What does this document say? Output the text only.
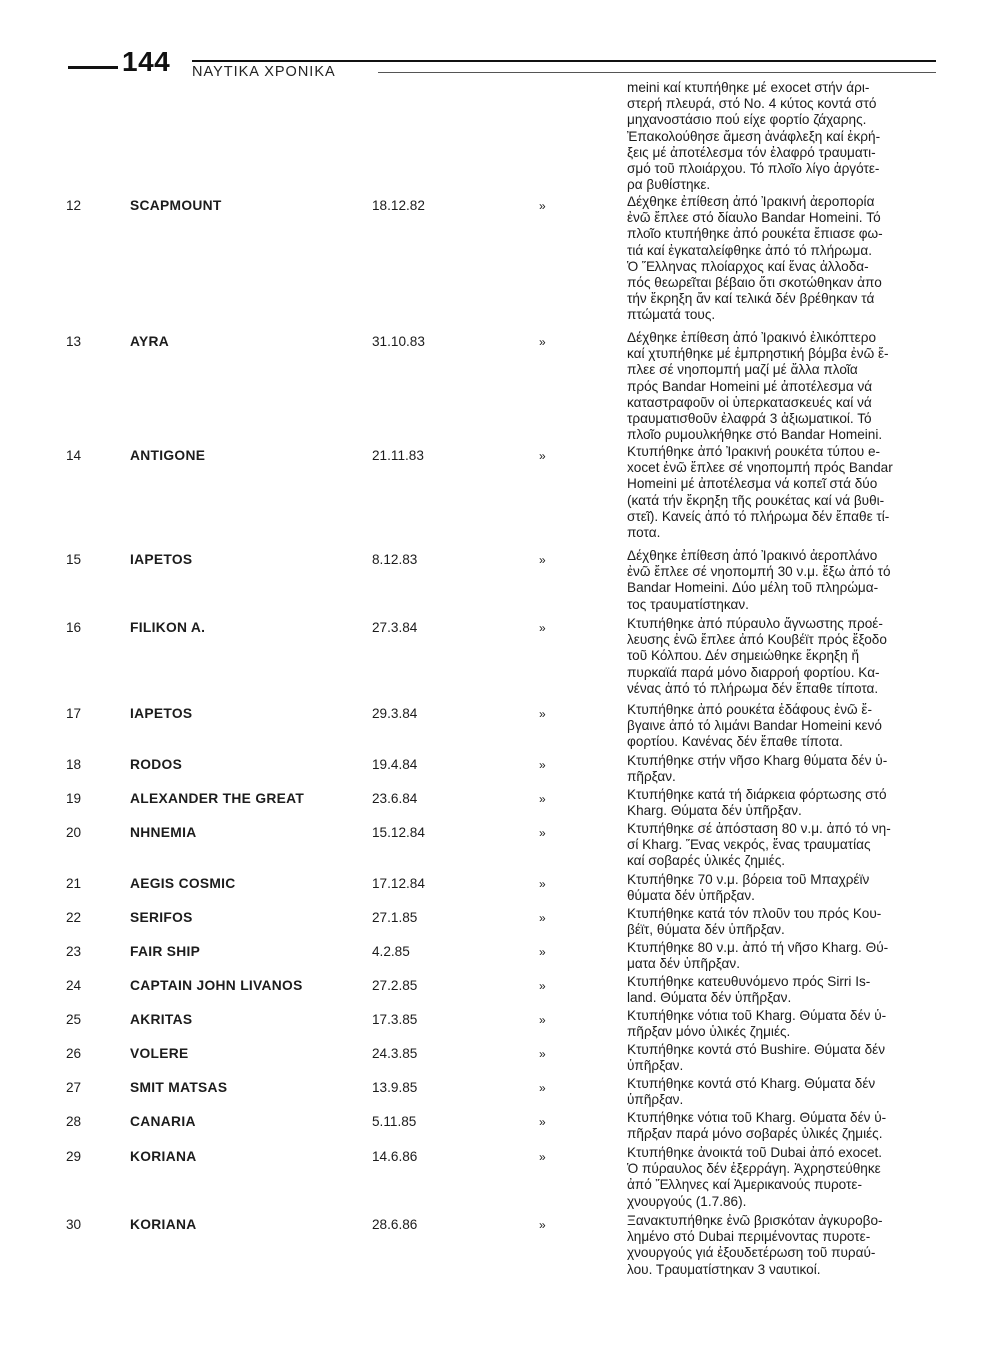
144 ΝΑΥΤΙΚΑ ΧΡΟΝΙΚΑ
meini καί κτυπήθηκε μέ exocet στήν άρι-
στερή πλευρά, στό Νο. 4 κύτος κοντά στό
μηχανοστάσιο πού είχε φορτίο ζάχαρης.
Ἐπακολούθησε ἄμεση ἀνάφλεξη καί ἐκρή-
ξεις μέ ἀποτέλεσμα τόν ἐλαφρό τραυματι-
σμό τοῦ πλοιάρχου. Τό πλοῖο λίγο ἀργότε-
ρα βυθίστηκε.
12	SCAPMOUNT	18.12.82	»	Δέχθηκε ἐπίθεση ἀπό Ἰρακινή ἀεροπορία
ἐνῶ ἔπλεε στό δίαυλο Bandar Homeini. Τό
πλοῖο κτυπήθηκε ἀπό ρουκέτα ἔπιασε φω-
τιά καί ἐγκαταλείφθηκε ἀπό τό πλήρωμα.
Ὁ Ἕλληνας πλοίαρχος καί ἕνας ἀλλοδα-
πός θεωρεῖται βέβαιο ὅτι σκοτώθηκαν ἀπο
τήν ἔκρηξη ἄν καί τελικά δέν βρέθηκαν τά
πτώματά τους.
13	AYRA	31.10.83	»	Δέχθηκε ἐπίθεση ἀπό Ἰρακινό ἐλικόπτερο
καί χτυπήθηκε μέ ἐμπρηστική βόμβα ἐνῶ ἔ-
πλεε σέ νηοπομπή μαζί μέ ἄλλα πλοῖα
πρός Bandar Homeini μέ ἀποτέλεσμα νά
καταστραφοῦν οἱ ὑπερκατασκευές καί νά
τραυματισθοῦν ἐλαφρά 3 ἀξιωματικοί. Τό
πλοῖο ρυμουλκήθηκε στό Bandar Homeini.
14	ANTIGONE	21.11.83	»	Κτυπήθηκε ἀπό Ἰρακινή ρουκέτα τύπου e-
xocet ἐνῶ ἔπλεε σέ νηοπομπή πρός Bandar
Homeini μέ ἀποτέλεσμα νά κοπεῖ στά δύο
(κατά τήν ἔκρηξη τῆς ρουκέτας καί νά βυθι-
στεῖ). Κανείς ἀπό τό πλήρωμα δέν ἔπαθε τί-
ποτα.
15	IAPETOS	8.12.83	»	Δέχθηκε ἐπίθεση ἀπό Ἰρακινό ἀεροπλάνο
ἐνῶ ἔπλεε σέ νηοπομπή 30 ν.μ. ἔξω ἀπό τό
Bandar Homeini. Δύο μέλη τοῦ πληρώμα-
τος τραυματίστηκαν.
16	FILIKON A.	27.3.84	»	Κτυπήθηκε ἀπό πύραυλο ἄγνωστης προέ-
λευσης ἐνῶ ἔπλεε ἀπό Κουβέϊτ πρός ἔξοδο
τοῦ Κόλπου. Δέν σημειώθηκε ἔκρηξη ἤ
πυρκαϊά παρά μόνο διαρροή φορτίου. Κα-
νένας ἀπό τό πλήρωμα δέν ἔπαθε τίποτα.
17	IAPETOS	29.3.84	»	Κτυπήθηκε ἀπό ρουκέτα ἐδάφους ἐνῶ ἔ-
βγαινε ἀπό τό λιμάνι Bandar Homeini κενό
φορτίου. Κανένας δέν ἔπαθε τίποτα.
18	RODOS	19.4.84	»	Κτυπήθηκε στήν νῆσο Kharg θύματα δέν ὑ-
πῆρξαν.
19	ALEXANDER THE GREAT	23.6.84	»	Κτυπήθηκε κατά τή διάρκεια φόρτωσης στό
Kharg. Θύματα δέν ὑπῆρξαν.
20	NHNEMIA	15.12.84	»	Κτυπήθηκε σέ ἀπόσταση 80 ν.μ. ἀπό τό νη-
σί Kharg. Ἕνας νεκρός, ἕνας τραυματίας
καί σοβαρές ὑλικές ζημιές.
21	AEGIS COSMIC	17.12.84	»	Κτυπήθηκε 70 ν.μ. βόρεια τοῦ Μπαχρέϊν
θύματα δέν ὑπῆρξαν.
22	SERIFOS	27.1.85	»	Κτυπήθηκε κατά τόν πλοῦν του πρός Κου-
βέϊτ, θύματα δέν ὑπῆρξαν.
23	FAIR SHIP	4.2.85	»	Κτυπήθηκε 80 ν.μ. ἀπό τή νῆσο Kharg. Θύ-
ματα δέν ὑπῆρξαν.
24	CAPTAIN JOHN LIVANOS	27.2.85	»	Κτυπήθηκε κατευθυνόμενο πρός Sirri Is-
land. Θύματα δέν ὑπῆρξαν.
25	AKRITAS	17.3.85	»	Κτυπήθηκε νότια τοῦ Kharg. Θύματα δέν ὑ-
πῆρξαν μόνο ὑλικές ζημιές.
26	VOLERE	24.3.85	»	Κτυπήθηκε κοντά στό Bushire. Θύματα δέν
ὑπῆρξαν.
27	SMIT MATSAS	13.9.85	»	Κτυπήθηκε κοντά στό Kharg. Θύματα δέν
ὑπῆρξαν.
28	CANARIA	5.11.85	»	Κτυπήθηκε νότια τοῦ Kharg. Θύματα δέν ὑ-
πῆρξαν παρά μόνο σοβαρές ὑλικές ζημιές.
29	KORIANA	14.6.86	»	Κτυπήθηκε ἀνοικτά τοῦ Dubai ἀπό exocet.
Ὁ πύραυλος δέν ἐξερράγη. Ἀχρηστεύθηκε
ἀπό Ἕλληνες καί Ἀμερικανούς πυροτε-
χνουργούς (1.7.86).
30	KORIANA	28.6.86	»	Ξανακτυπήθηκε ἐνῶ βρισκόταν ἀγκυροβο-
λημένο στό Dubai περιμένοντας πυροτε-
χνουργούς γιά ἐξουδετέρωση τοῦ πυραύ-
λου. Τραυματίστηκαν 3 ναυτικοί.
